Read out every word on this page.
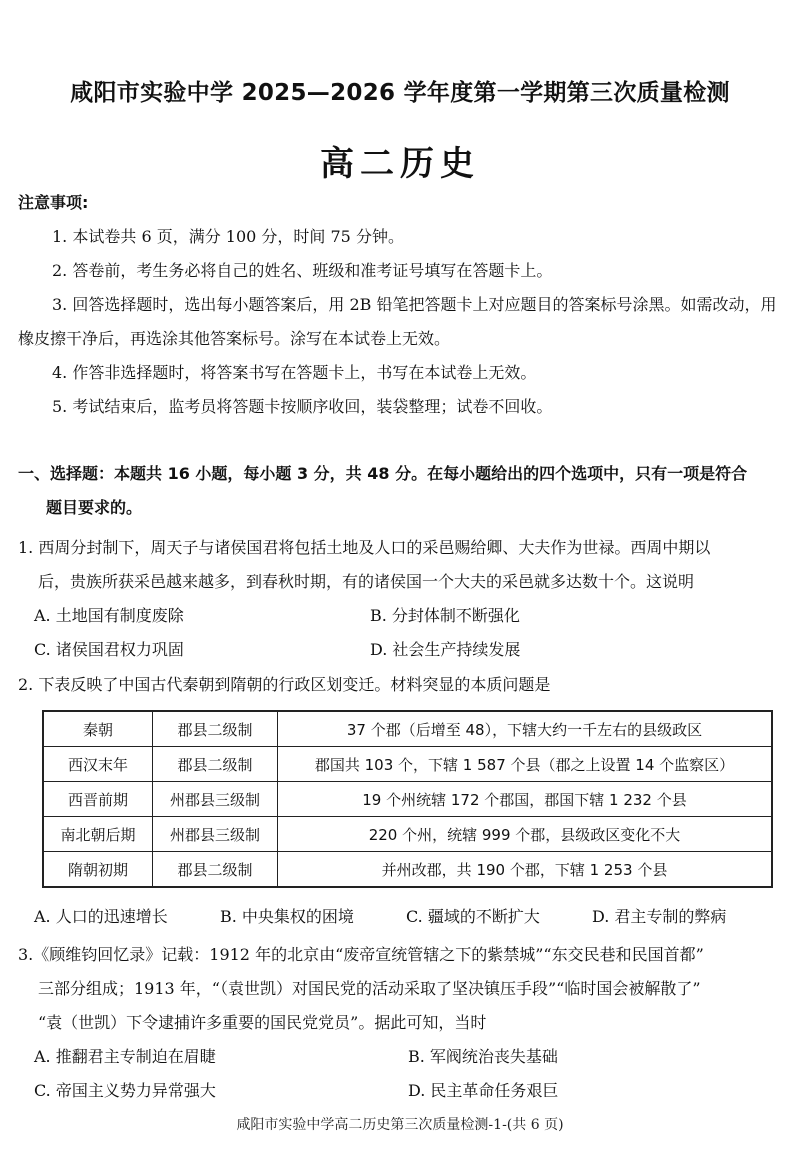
咸阳市实验中学 2025—2026 学年度第一学期第三次质量检测
高二历史
注意事项:
1. 本试卷共 6 页，满分 100 分，时间 75 分钟。
2. 答卷前，考生务必将自己的姓名、班级和准考证号填写在答题卡上。
3. 回答选择题时，选出每小题答案后，用 2B 铅笔把答题卡上对应题目的答案标号涂黑。如需改动，用橡皮擦干净后，再选涂其他答案标号。涂写在本试卷上无效。
4. 作答非选择题时，将答案书写在答题卡上，书写在本试卷上无效。
5. 考试结束后，监考员将答题卡按顺序收回，装袋整理；试卷不回收。
一、选择题：本题共 16 小题，每小题 3 分，共 48 分。在每小题给出的四个选项中，只有一项是符合
题目要求的。
1. 西周分封制下，周天子与诸侯国君将包括土地及人口的采邑赐给卿、大夫作为世禄。西周中期以
后，贵族所获采邑越来越多，到春秋时期，有的诸侯国一个大夫的采邑就多达数十个。这说明
A. 土地国有制度废除	B. 分封体制不断强化
C. 诸侯国君权力巩固	D. 社会生产持续发展
2. 下表反映了中国古代秦朝到隋朝的行政区划变迁。材料突显的本质问题是
秦朝	郡县二级制	37 个郡（后增至 48），下辖大约一千左右的县级政区
西汉末年	郡县二级制	郡国共 103 个，下辖 1 587 个县（郡之上设置 14 个监察区）
西晋前期	州郡县三级制	19 个州统辖 172 个郡国，郡国下辖 1 232 个县
南北朝后期	州郡县三级制	220 个州，统辖 999 个郡，县级政区变化不大
隋朝初期	郡县二级制	并州改郡，共 190 个郡，下辖 1 253 个县
A. 人口的迅速增长	B. 中央集权的困境	C. 疆域的不断扩大	D. 君主专制的弊病
3.《顾维钧回忆录》记载：1912 年的北京由“废帝宣统管辖之下的紫禁城”“东交民巷和民国首都”
三部分组成；1913 年，“（袁世凯）对国民党的活动采取了坚决镇压手段”“临时国会被解散了”
“袁（世凯）下令逮捕许多重要的国民党党员”。据此可知，当时
A. 推翻君主专制迫在眉睫	B. 军阀统治丧失基础
C. 帝国主义势力异常强大	D. 民主革命任务艰巨
咸阳市实验中学高二历史第三次质量检测-1-(共 6 页)
